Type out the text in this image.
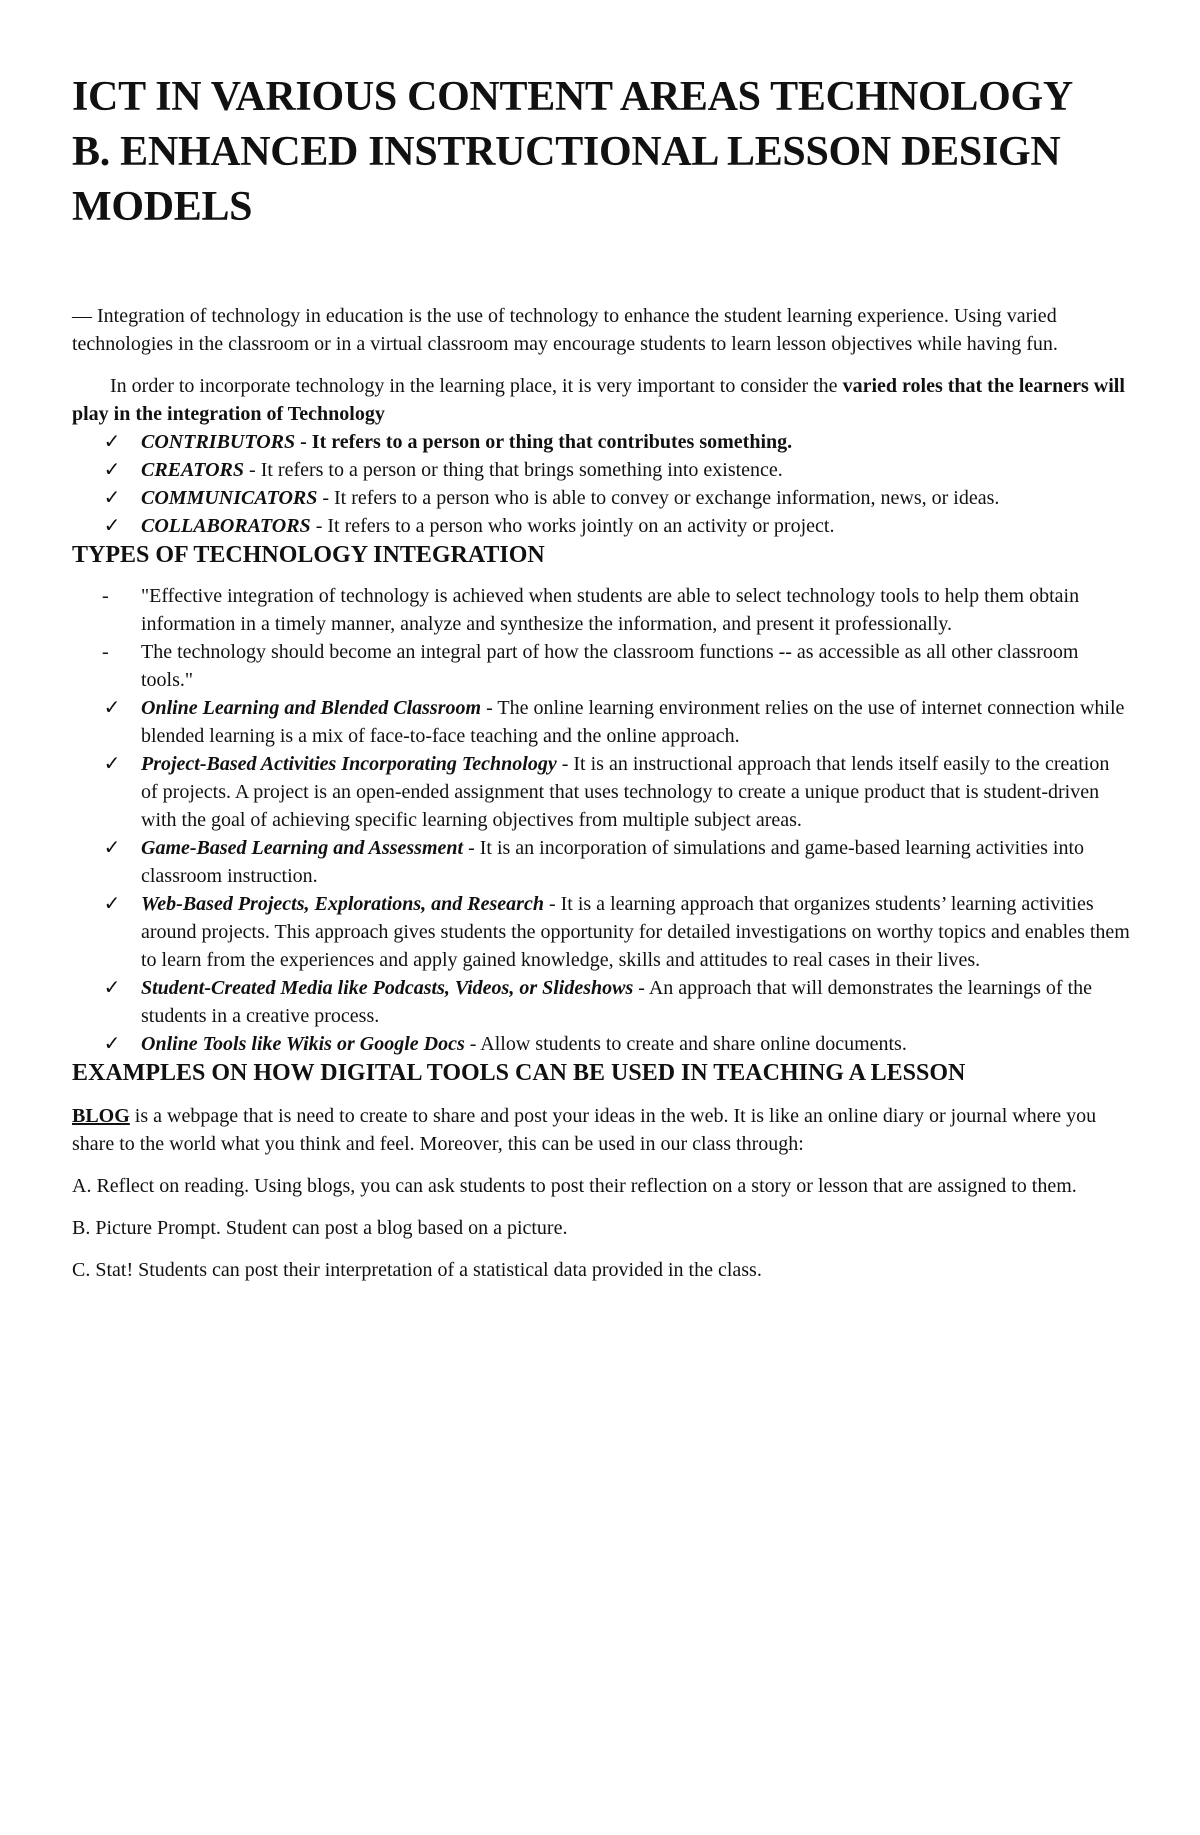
ICT IN VARIOUS CONTENT AREAS TECHNOLOGY
B. ENHANCED INSTRUCTIONAL LESSON DESIGN
MODELS

— Integration of technology in education is the use of technology to enhance the student learning experience. Using varied technologies in the classroom or in a virtual classroom may encourage students to learn lesson objectives while having fun.

In order to incorporate technology in the learning place, it is very important to consider the varied roles that the learners will play in the integration of Technology

✓ CONTRIBUTORS - It refers to a person or thing that contributes something.
✓ CREATORS - It refers to a person or thing that brings something into existence.
✓ COMMUNICATORS - It refers to a person who is able to convey or exchange information, news, or ideas.
✓ COLLABORATORS - It refers to a person who works jointly on an activity or project.
TYPES OF TECHNOLOGY INTEGRATION
- "Effective integration of technology is achieved when students are able to select technology tools to help them obtain information in a timely manner, analyze and synthesize the information, and present it professionally.
- The technology should become an integral part of how the classroom functions -- as accessible as all other classroom tools."
✓ Online Learning and Blended Classroom - The online learning environment relies on the use of internet connection while blended learning is a mix of face-to-face teaching and the online approach.
✓ Project-Based Activities Incorporating Technology - It is an instructional approach that lends itself easily to the creation of projects. A project is an open-ended assignment that uses technology to create a unique product that is student-driven with the goal of achieving specific learning objectives from multiple subject areas.
✓ Game-Based Learning and Assessment - It is an incorporation of simulations and game-based learning activities into classroom instruction.
✓ Web-Based Projects, Explorations, and Research - It is a learning approach that organizes students’ learning activities around projects. This approach gives students the opportunity for detailed investigations on worthy topics and enables them to learn from the experiences and apply gained knowledge, skills and attitudes to real cases in their lives.
✓ Student-Created Media like Podcasts, Videos, or Slideshows - An approach that will demonstrates the learnings of the students in a creative process.
✓ Online Tools like Wikis or Google Docs - Allow students to create and share online documents.
EXAMPLES ON HOW DIGITAL TOOLS CAN BE USED IN TEACHING A LESSON

BLOG is a webpage that is need to create to share and post your ideas in the web. It is like an online diary or journal where you share to the world what you think and feel. Moreover, this can be used in our class through:

A. Reflect on reading. Using blogs, you can ask students to post their reflection on a story or lesson that are assigned to them.

B. Picture Prompt. Student can post a blog based on a picture.

C. Stat! Students can post their interpretation of a statistical data provided in the class.
